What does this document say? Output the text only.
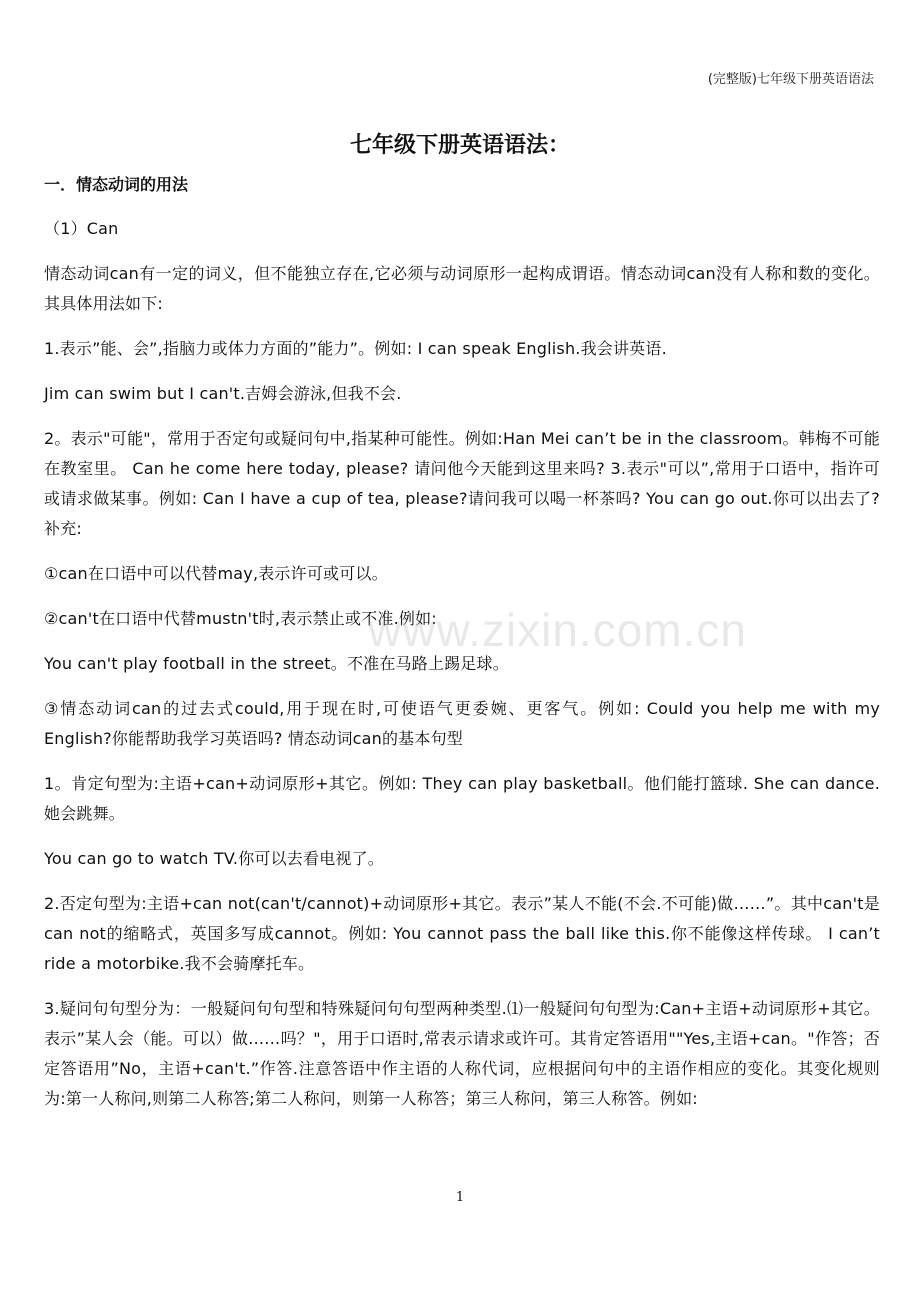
(完整版)七年级下册英语语法
七年级下册英语语法：
一．情态动词的用法

（1）Can

情态动词can有一定的词义，但不能独立存在,它必须与动词原形一起构成谓语。情态动词can没有人称和数的变化。其具体用法如下:

1.表示”能、会”,指脑力或体力方面的”能力”。例如: I can speak English.我会讲英语.

Jim can swim but I can't.吉姆会游泳,但我不会.

2。表示"可能"，常用于否定句或疑问句中,指某种可能性。例如:Han Mei can’t be in the classroom。韩梅不可能在教室里。 Can he come here today, please? 请问他今天能到这里来吗? 3.表示"可以”,常用于口语中，指许可或请求做某事。例如: Can I have a cup of tea, please?请问我可以喝一杯茶吗? You can go out.你可以出去了? 补充:

①can在口语中可以代替may,表示许可或可以。

②can't在口语中代替mustn't时,表示禁止或不准.例如:

You can't play football in the street。不准在马路上踢足球。

③情态动词can的过去式could,用于现在时,可使语气更委婉、更客气。例如: Could you help me with my English?你能帮助我学习英语吗? 情态动词can的基本句型

1。肯定句型为:主语+can+动词原形+其它。例如: They can play basketball。他们能打篮球. She can dance.她会跳舞。

You can go to watch TV.你可以去看电视了。

2.否定句型为:主语+can not(can't/cannot)+动词原形+其它。表示”某人不能(不会.不可能)做……”。其中can't是can not的缩略式，英国多写成cannot。例如: You cannot pass the ball like this.你不能像这样传球。 I can’t ride a motorbike.我不会骑摩托车。

3.疑问句句型分为：一般疑问句句型和特殊疑问句句型两种类型.⑴一般疑问句句型为:Can+主语+动词原形+其它。表示”某人会（能。可以）做……吗？"，用于口语时,常表示请求或许可。其肯定答语用""Yes,主语+can。"作答；否定答语用”No，主语+can't.”作答.注意答语中作主语的人称代词，应根据问句中的主语作相应的变化。其变化规则为:第一人称问,则第二人称答;第二人称问，则第一人称答；第三人称问，第三人称答。例如:

www.zixin.com.cn
1
